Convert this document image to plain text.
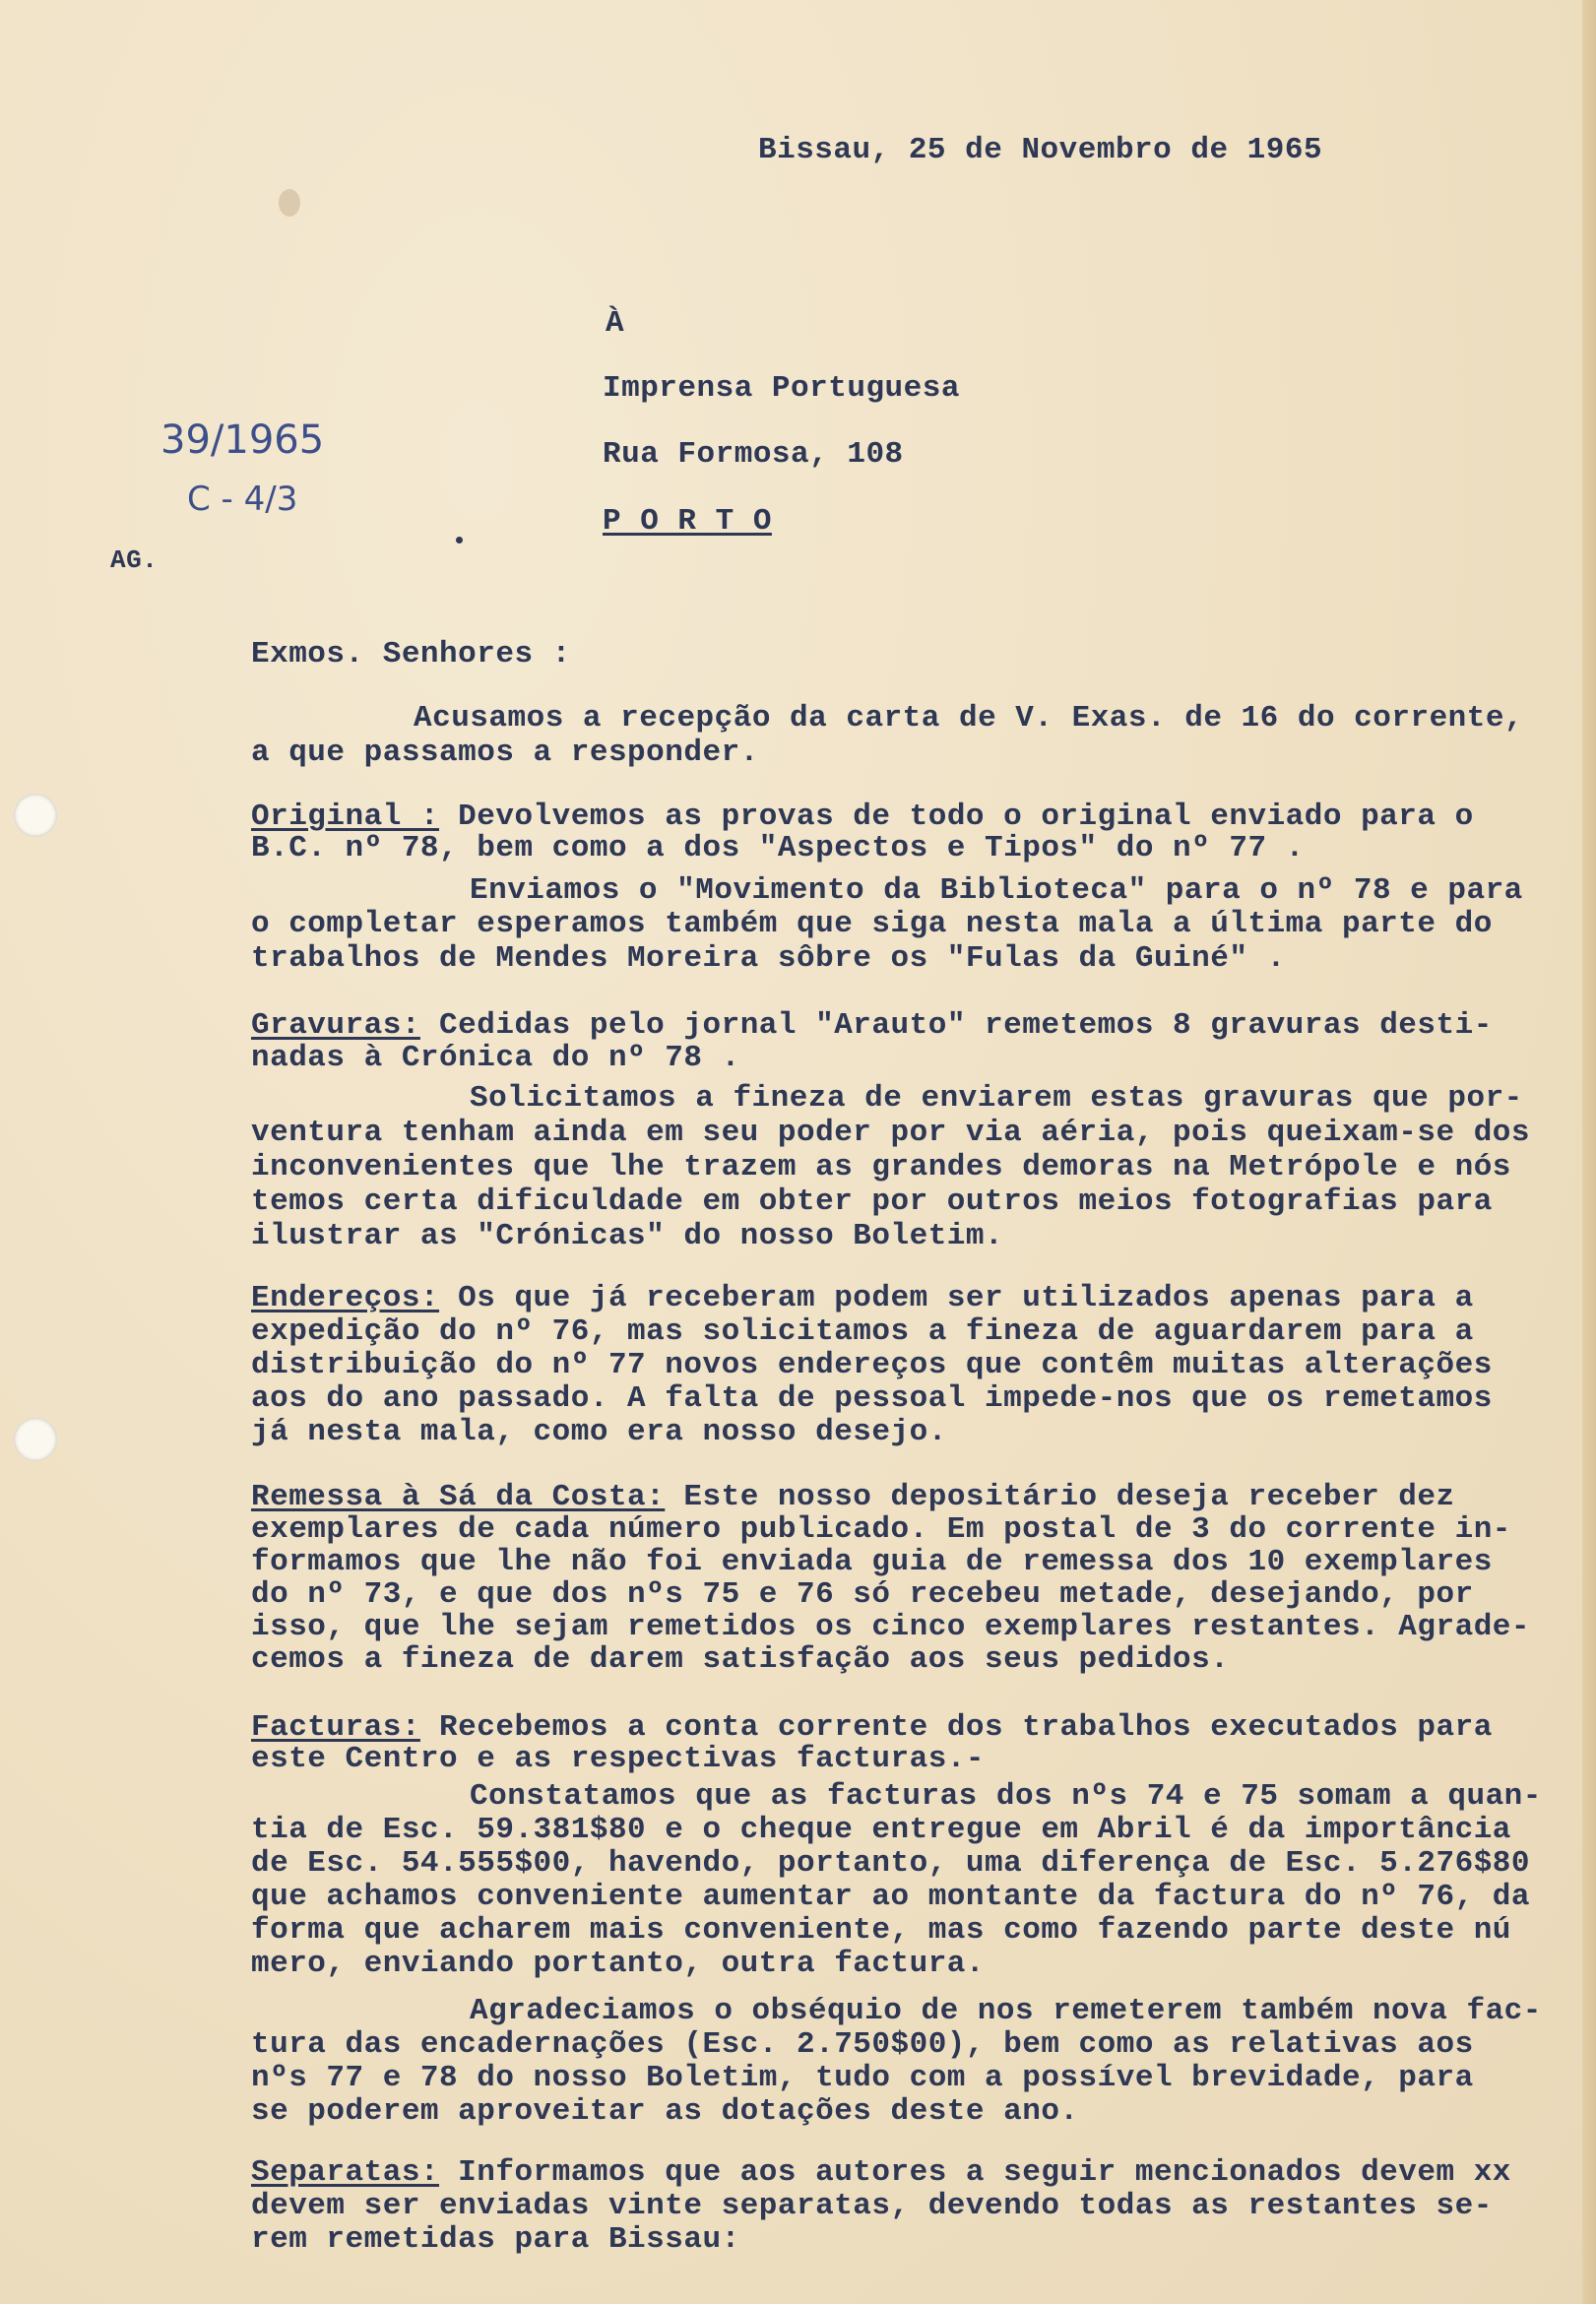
Bissau, 25 de Novembro de 1965
À
Imprensa Portuguesa
Rua Formosa, 108
P O R T O
39/1965
C - 4/3
AG.
Exmos. Senhores :
Acusamos a recepção da carta de V. Exas. de 16 do corrente,
a que passamos a responder.
Original : Devolvemos as provas de todo o original enviado para o
B.C. nº 78, bem como a dos "Aspectos e Tipos" do nº 77 .
Enviamos o "Movimento da Biblioteca" para o nº 78 e para
o completar esperamos também que siga nesta mala a última parte do
trabalhos de Mendes Moreira sôbre os "Fulas da Guiné" .
Gravuras: Cedidas pelo jornal "Arauto" remetemos 8 gravuras desti-
nadas à Crónica do nº 78 .
Solicitamos a fineza de enviarem estas gravuras que por-
ventura tenham ainda em seu poder por via aéria, pois queixam-se dos
inconvenientes que lhe trazem as grandes demoras na Metrópole e nós
temos certa dificuldade em obter por outros meios fotografias para
ilustrar as "Crónicas" do nosso Boletim.
Endereços: Os que já receberam podem ser utilizados apenas para a
expedição do nº 76, mas solicitamos a fineza de aguardarem para a
distribuição do nº 77 novos endereços que contêm muitas alterações
aos do ano passado. A falta de pessoal impede-nos que os remetamos
já nesta mala, como era nosso desejo.
Remessa à Sá da Costa: Este nosso depositário deseja receber dez
exemplares de cada número publicado. Em postal de 3 do corrente in-
formamos que lhe não foi enviada guia de remessa dos 10 exemplares
do nº 73, e que dos nºs 75 e 76 só recebeu metade, desejando, por
isso, que lhe sejam remetidos os cinco exemplares restantes. Agrade-
cemos a fineza de darem satisfação aos seus pedidos.
Facturas: Recebemos a conta corrente dos trabalhos executados para
este Centro e as respectivas facturas.-
Constatamos que as facturas dos nºs 74 e 75 somam a quan-
tia de Esc. 59.381$80 e o cheque entregue em Abril é da importância
de Esc. 54.555$00, havendo, portanto, uma diferença de Esc. 5.276$80
que achamos conveniente aumentar ao montante da factura do nº 76, da
forma que acharem mais conveniente, mas como fazendo parte deste nú
mero, enviando portanto, outra factura.
Agradeciamos o obséquio de nos remeterem também nova fac-
tura das encadernações (Esc. 2.750$00), bem como as relativas aos
nºs 77 e 78 do nosso Boletim, tudo com a possível brevidade, para
se poderem aproveitar as dotações deste ano.
Separatas: Informamos que aos autores a seguir mencionados devem xx
devem ser enviadas vinte separatas, devendo todas as restantes se-
rem remetidas para Bissau:
